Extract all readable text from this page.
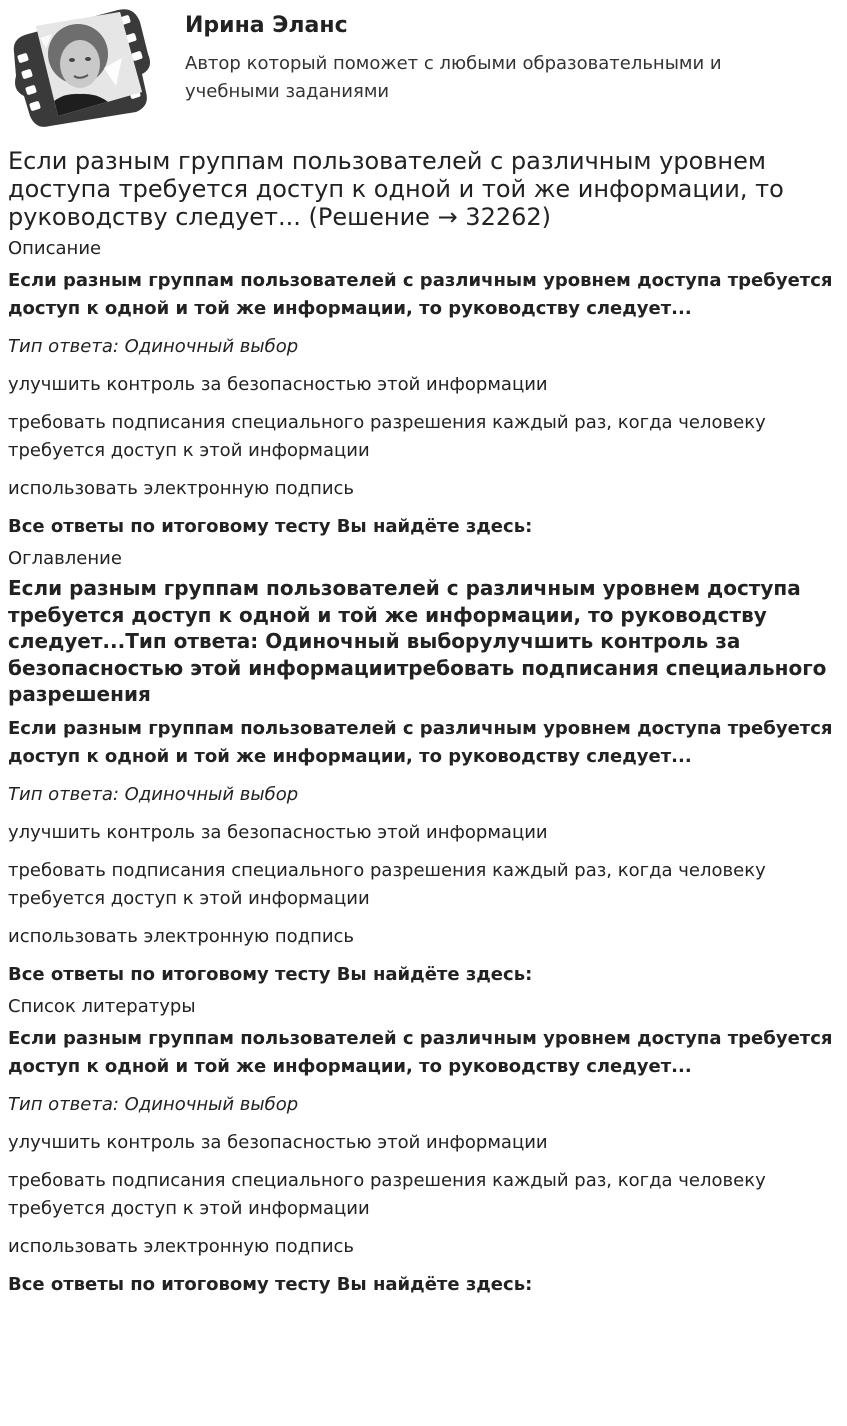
Ирина Эланс
Автор который поможет с любыми образовательными и учебными заданиями
Если разным группам пользователей с различным уровнем доступа требуется доступ к одной и той же информации, то руководству следует... (Решение → 32262)
Описание

Если разным группам пользователей с различным уровнем доступа требуется доступ к одной и той же информации, то руководству следует...

Тип ответа: Одиночный выбор

улучшить контроль за безопасностью этой информации

требовать подписания специального разрешения каждый раз, когда человеку требуется доступ к этой информации

использовать электронную подпись

Все ответы по итоговому тесту Вы найдёте здесь:

Оглавление

Если разным группам пользователей с различным уровнем доступа требуется доступ к одной и той же информации, то руководству следует...Тип ответа: Одиночный выборулучшить контроль за безопасностью этой информациитребовать подписания специального разрешения

Если разным группам пользователей с различным уровнем доступа требуется доступ к одной и той же информации, то руководству следует...

Тип ответа: Одиночный выбор

улучшить контроль за безопасностью этой информации

требовать подписания специального разрешения каждый раз, когда человеку требуется доступ к этой информации

использовать электронную подпись

Все ответы по итоговому тесту Вы найдёте здесь:

Список литературы

Если разным группам пользователей с различным уровнем доступа требуется доступ к одной и той же информации, то руководству следует...

Тип ответа: Одиночный выбор

улучшить контроль за безопасностью этой информации

требовать подписания специального разрешения каждый раз, когда человеку требуется доступ к этой информации

использовать электронную подпись

Все ответы по итоговому тесту Вы найдёте здесь:
